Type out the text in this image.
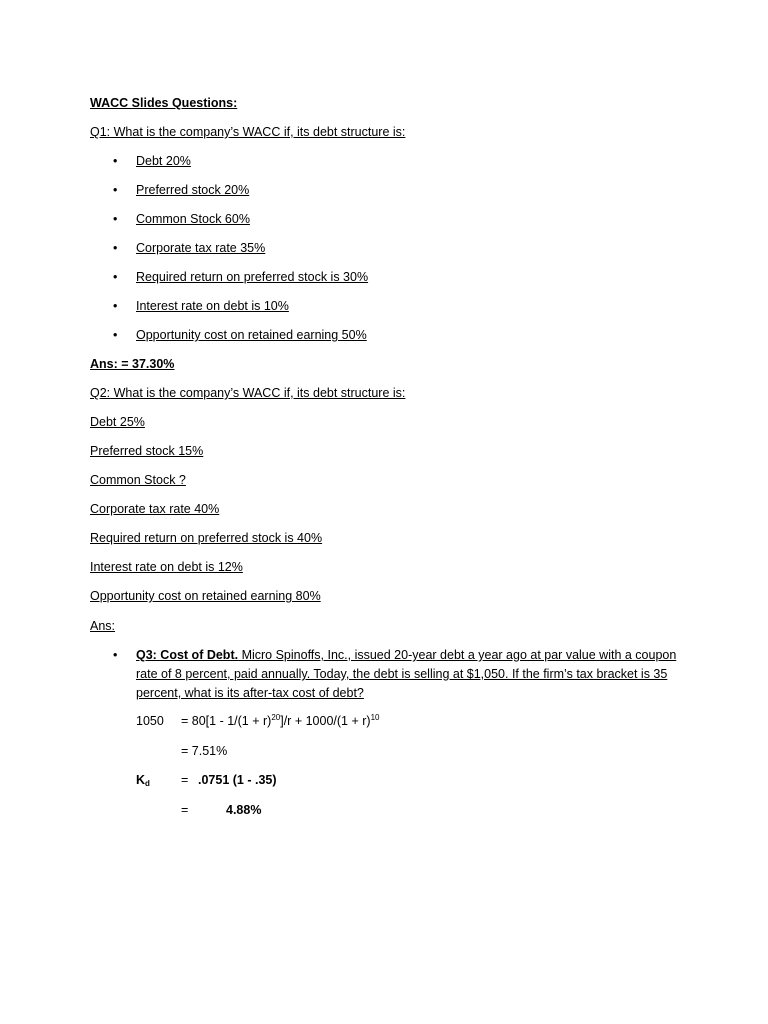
WACC Slides Questions:
Q1: What is the company’s WACC if, its debt structure is:
• Debt 20%
• Preferred stock 20%
• Common Stock 60%
• Corporate tax rate 35%
• Required return on preferred stock is 30%
• Interest rate on debt is 10%
• Opportunity cost on retained earning 50%
Ans: = 37.30%
Q2: What is the company’s WACC if, its debt structure is:
Debt 25%
Preferred stock 15%
Common Stock ?
Corporate tax rate 40%
Required return on preferred stock is 40%
Interest rate on debt is 12%
Opportunity cost on retained earning 80%
Ans:
•	Q3: Cost of Debt. Micro Spinoffs, Inc., issued 20-year debt a year ago at par value with a coupon rate of 8 percent, paid annually. Today, the debt is selling at $1,050. If the firm’s tax bracket is 35 percent, what is its after-tax cost of debt?
$1050 = 80[1 - 1/(1 + r)^{20}]/r + 1000/(1 + r)^{10}$
= 7.51%
$K_d = .0751$ (1 - .35)
=	4.88%
